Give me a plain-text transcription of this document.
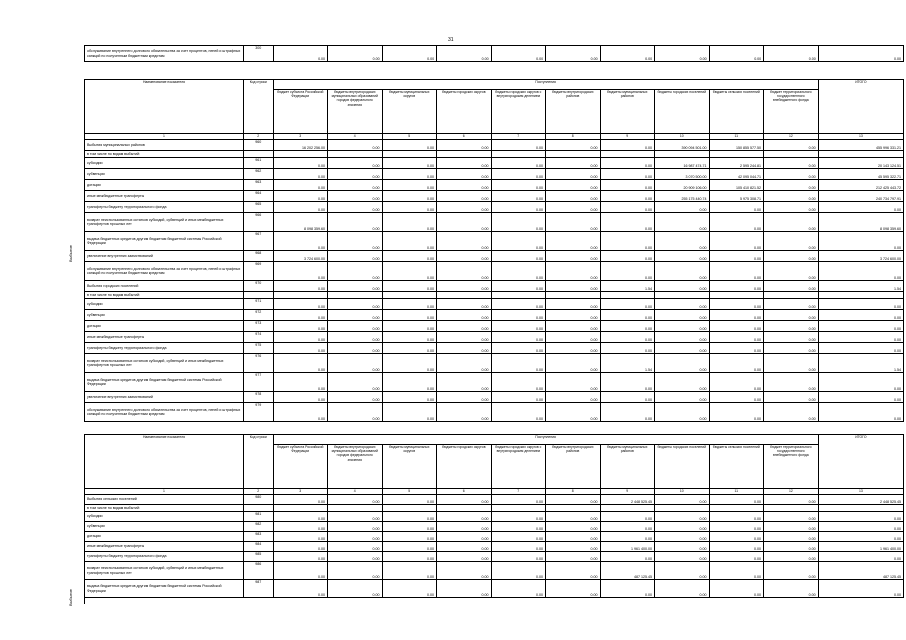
31
обслуживание внутреннего долгового обязательства за счет процентов, пеней и штрафных санкций по полученным бюджетным кредитам	300	0.00	0.00	0.00	0.00	0.00	0.00	0.00	0.00	0.00	0.00	0.00
Выбытие
Наименование показателя	Код строки	Поступления										ИТОГО
		бюджет субъекта Российской Федерации	бюджеты внутригородских муниципальных образований городов федерального значения	бюджеты муниципальных округов	бюджеты городских округов	бюджеты городских округов с внутригородским делением	бюджеты внутригородских районов	бюджеты муниципальных районов	бюджеты городских поселений	бюджеты сельских поселений	бюджет территориального государственного внебюджетного фонда	
1	2	3	4	5	6	7	8	9	10	11	12	13
Выбытия муниципальных районов	960	16 202 256.00	0.00	0.00	0.00	0.00	0.00	0.00	390 094 501.00	150 855 577.50	0.00	455 996 331.21
в том числе по видам выбытий:												
субсидии	961	0.00	0.00	0.00	0.00	0.00	0.00	0.00	16 987 474.71	2 595 244.81	0.00	20 143 124.51
субвенции	962	0.00	0.00	0.00	0.00	0.00	0.00	0.00	3 070 500.00	42 095 044.71	0.00	45 595 322.71
дотации	963	0.00	0.00	0.00	0.00	0.00	0.00	0.00	20 909 106.00	105 410 821.52	0.00	212 425 443.72
иные межбюджетные трансферты	964	0.00	0.00	0.00	0.00	0.00	0.00	0.00	255 175 440.74	5 975 308.71	0.00	240 734 797.91
трансферты бюджету территориального фонда	965	0.00	0.00	0.00	0.00	0.00	0.00	0.00	0.00	0.00	0.00	0.00
возврат неиспользованных остатков субсидий, субвенций и иных межбюджетных трансфертов прошлых лет	966	8 098 359.60	0.00	0.00	0.00	0.00	0.00	0.00	0.00	0.00	0.00	8 098 359.60
выдача бюджетных кредитов другим бюджетам бюджетной системы Российской Федерации	967	0.00	0.00	0.00	0.00	0.00	0.00	0.00	0.00	0.00	0.00	0.00
увеличение внутренних заимствований	968	3 724 600.00	0.00	0.00	0.00	0.00	0.00	0.00	0.00	0.00	0.00	3 724 600.00
обслуживание внутреннего долгового обязательства за счет процентов, пеней и штрафных санкций по полученным бюджетным кредитам	969	0.00	0.00	0.00	0.00	0.00	0.00	0.00	0.00	0.00	0.00	0.00
Выбытия городских поселений	970	0.00	0.00	0.00	0.00	0.00	0.00	1.54	0.00	0.00	0.00	1.54
в том числе по видам выбытий:												
субсидии	971	0.00	0.00	0.00	0.00	0.00	0.00	0.00	0.00	0.00	0.00	0.00
субвенции	972	0.00	0.00	0.00	0.00	0.00	0.00	0.00	0.00	0.00	0.00	0.00
дотации	973	0.00	0.00	0.00	0.00	0.00	0.00	0.00	0.00	0.00	0.00	0.00
иные межбюджетные трансферты	974	0.00	0.00	0.00	0.00	0.00	0.00	0.00	0.00	0.00	0.00	0.00
трансферты бюджету территориального фонда	975	0.00	0.00	0.00	0.00	0.00	0.00	0.00	0.00	0.00	0.00	0.00
возврат неиспользованных остатков субсидий, субвенций и иных межбюджетных трансфертов прошлых лет	976	0.00	0.00	0.00	0.00	0.00	0.00	1.54	0.00	0.00	0.00	1.54
выдача бюджетных кредитов другим бюджетам бюджетной системы Российской Федерации	977	0.00	0.00	0.00	0.00	0.00	0.00	0.00	0.00	0.00	0.00	0.00
увеличение внутренних заимствований	978	0.00	0.00	0.00	0.00	0.00	0.00	0.00	0.00	0.00	0.00	0.00
обслуживание внутреннего долгового обязательства за счет процентов, пеней и штрафных санкций по полученным бюджетным кредитам	979	0.00	0.00	0.00	0.00	0.00	0.00	0.00	0.00	0.00	0.00	0.00
Выбытие
Наименование показателя	Код строки	Поступления										ИТОГО
		бюджет субъекта Российской Федерации	бюджеты внутригородских муниципальных образований городов федерального значения	бюджеты муниципальных округов	бюджеты городских округов	бюджеты городских округов с внутригородским делением	бюджеты внутригородских районов	бюджеты муниципальных районов	бюджеты городских поселений	бюджеты сельских поселений	бюджет территориального государственного внебюджетного фонда	
1	2	3	4	5	6	7	8	9	10	11	12	13
Выбытия сельских поселений	980	0.00	0.00	0.00	0.00	0.00	0.00	2 448 525.45	0.00	0.00	0.00	2 448 525.45
в том числе по видам выбытий:												
субсидии	981	0.00	0.00	0.00	0.00	0.00	0.00	0.00	0.00	0.00	0.00	0.00
субвенции	982	0.00	0.00	0.00	0.00	0.00	0.00	0.00	0.00	0.00	0.00	0.00
дотации	983	0.00	0.00	0.00	0.00	0.00	0.00	0.00	0.00	0.00	0.00	0.00
иные межбюджетные трансферты	984	0.00	0.00	0.00	0.00	0.00	0.00	1 961 400.00	0.00	0.00	0.00	1 961 400.00
трансферты бюджету территориального фонда	985	0.00	0.00	0.00	0.00	0.00	0.00	0.00	0.00	0.00	0.00	0.00
возврат неиспользованных остатков субсидий, субвенций и иных межбюджетных трансфертов прошлых лет	986	0.00	0.00	0.00	0.00	0.00	0.00	487 125.45	0.00	0.00	0.00	487 125.45
выдача бюджетных кредитов другим бюджетам бюджетной системы Российской Федерации	987	0.00	0.00	0.00	0.00	0.00	0.00	0.00	0.00	0.00	0.00	0.00
